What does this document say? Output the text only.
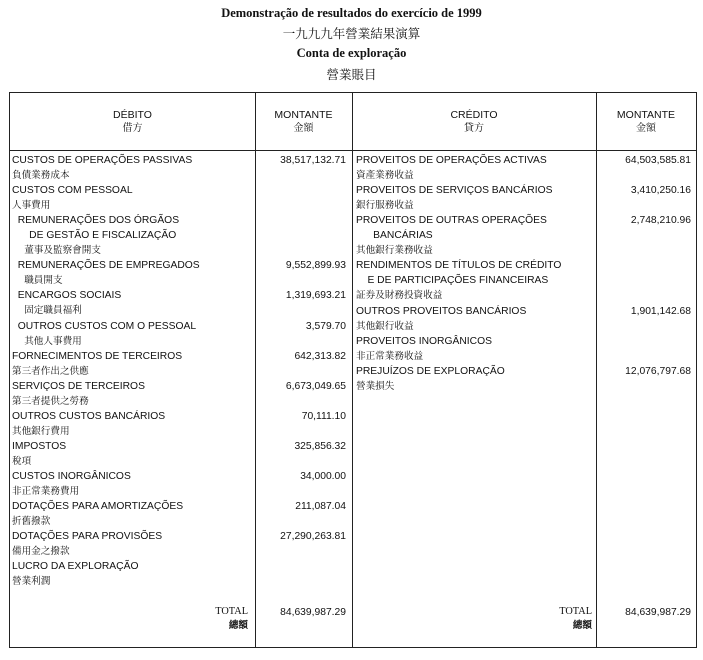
Demonstração de resultados do exercício de 1999
一九九九年營業結果演算
Conta de exploração
營業賬目
DÉBITO
借方
MONTANTE
金額
CRÉDITO
貸方
MONTANTE
金額
CUSTOS DE OPERAÇÕES PASSIVAS
負債業務成本
38,517,132.71
CUSTOS COM PESSOAL
人事費用
REMUNERAÇÕES DOS ÓRGÃOS
DE GESTÃO E FISCALIZAÇÃO
董事及監察會開支
REMUNERAÇÕES DE EMPREGADOS
職員開支
9,552,899.93
ENCARGOS SOCIAIS
固定職員福利
1,319,693.21
OUTROS CUSTOS COM O PESSOAL
其他人事費用
3,579.70
FORNECIMENTOS DE TERCEIROS
第三者作出之供應
642,313.82
SERVIÇOS DE TERCEIROS
第三者提供之勞務
6,673,049.65
OUTROS CUSTOS BANCÁRIOS
其他銀行費用
70,111.10
IMPOSTOS
稅項
325,856.32
CUSTOS INORGÂNICOS
非正常業務費用
34,000.00
DOTAÇÕES PARA AMORTIZAÇÕES
折舊撥款
211,087.04
DOTAÇÕES PARA PROVISÕES
備用金之撥款
27,290,263.81
LUCRO DA EXPLORAÇÃO
營業利潤
PROVEITOS DE OPERAÇÕES ACTIVAS
資產業務收益
64,503,585.81
PROVEITOS DE SERVIÇOS BANCÁRIOS
銀行服務收益
3,410,250.16
PROVEITOS DE OUTRAS OPERAÇÕES
BANCÁRIAS
其他銀行業務收益
2,748,210.96
RENDIMENTOS DE TÍTULOS DE CRÉDITO
E DE PARTICIPAÇÕES FINANCEIRAS
証券及財務投資收益
OUTROS PROVEITOS BANCÁRIOS
其他銀行收益
1,901,142.68
PROVEITOS INORGÂNICOS
非正常業務收益
PREJUÍZOS DE EXPLORAÇÃO
營業損失
12,076,797.68
TOTAL
總額
84,639,987.29	TOTAL
總額
84,639,987.29
